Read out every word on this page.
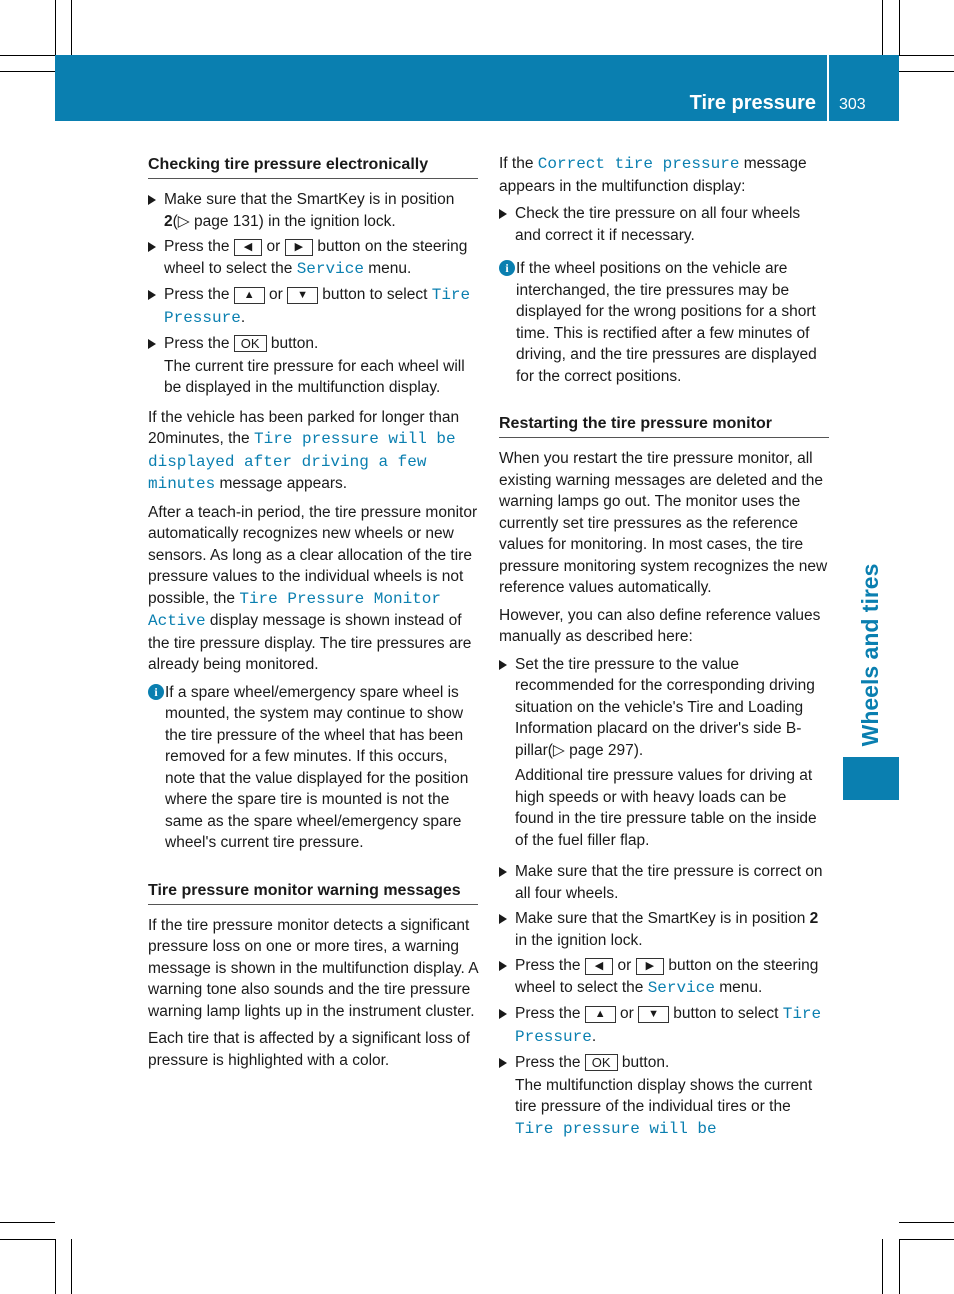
Tire pressure 303
Wheels and tires
Checking tire pressure electronically
Make sure that the SmartKey is in position 2(▷ page 131) in the ignition lock.
Press the ◀ or ▶ button on the steering wheel to select the Service menu.
Press the ▲ or ▼ button to select Tire Pressure.
Press the OK button.
The current tire pressure for each wheel will be displayed in the multifunction display.

If the vehicle has been parked for longer than 20minutes, the Tire pressure will be displayed after driving a few minutes message appears.

After a teach-in period, the tire pressure monitor automatically recognizes new wheels or new sensors. As long as a clear allocation of the tire pressure values to the individual wheels is not possible, the Tire Pressure Monitor Active display message is shown instead of the tire pressure display. The tire pressures are already being monitored.

i If a spare wheel/emergency spare wheel is mounted, the system may continue to show the tire pressure of the wheel that has been removed for a few minutes. If this occurs, note that the value displayed for the position where the spare tire is mounted is not the same as the spare wheel/emergency spare wheel's current tire pressure.
Tire pressure monitor warning messages

If the tire pressure monitor detects a significant pressure loss on one or more tires, a warning message is shown in the multifunction display. A warning tone also sounds and the tire pressure warning lamp lights up in the instrument cluster.

Each tire that is affected by a significant loss of pressure is highlighted with a color.

If the Correct tire pressure message appears in the multifunction display:

Check the tire pressure on all four wheels and correct it if necessary.
i If the wheel positions on the vehicle are interchanged, the tire pressures may be displayed for the wrong positions for a short time. This is rectified after a few minutes of driving, and the tire pressures are displayed for the correct positions.
Restarting the tire pressure monitor

When you restart the tire pressure monitor, all existing warning messages are deleted and the warning lamps go out. The monitor uses the currently set tire pressures as the reference values for monitoring. In most cases, the tire pressure monitoring system recognizes the new reference values automatically.

However, you can also define reference values manually as described here:

Set the tire pressure to the value recommended for the corresponding driving situation on the vehicle's Tire and Loading Information placard on the driver's side B-pillar(▷ page 297).
Additional tire pressure values for driving at high speeds or with heavy loads can be found in the tire pressure table on the inside of the fuel filler flap.
Make sure that the tire pressure is correct on all four wheels.
Make sure that the SmartKey is in position 2 in the ignition lock.
Press the ◀ or ▶ button on the steering wheel to select the Service menu.
Press the ▲ or ▼ button to select Tire Pressure.
Press the OK button.
The multifunction display shows the current tire pressure of the individual tires or the Tire pressure will be
